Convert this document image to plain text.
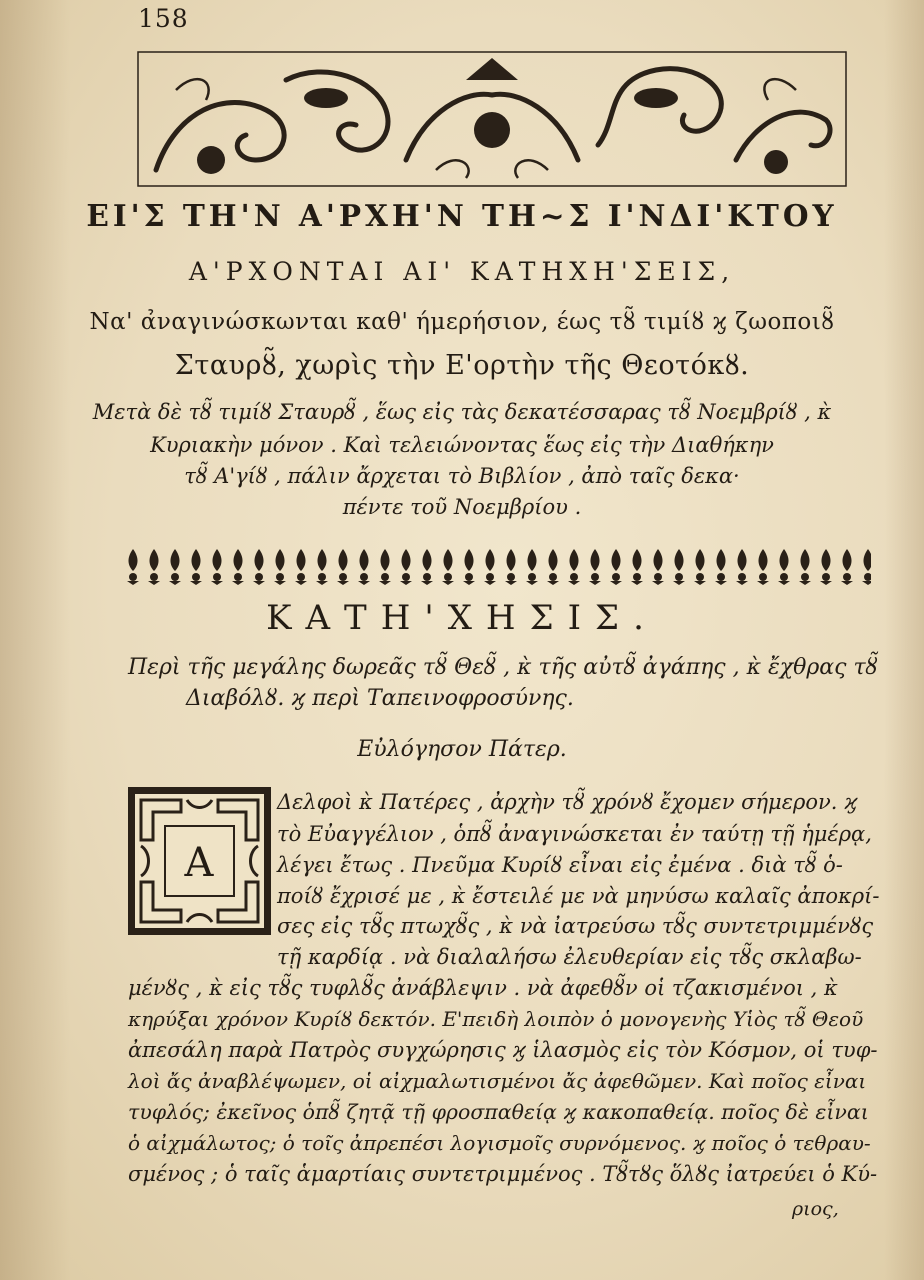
158
ΕΙ'Σ ΤΗ'Ν Α'ΡΧΗ'Ν ΤΗ~Σ Ι'ΝΔΙ'ΚΤΟΥ
Α'ΡΧΟΝΤΑΙ ΑΙ' ΚΑΤΗΧΗ'ΣΕΙΣ,
Να' α̉ναγινώσκωνται καθ' ήμερήσιον, έως τȣ̃ τιμίȣ ϗ ζωοποιȣ̃
Σταυρȣ̃, χωρὶς τὴν Ε'ορτὴν τῆς Θεοτόκȣ.
Μετὰ δὲ τȣ̃ τιμίȣ Σταυρȣ̃ , ἕως εἰς τὰς δεκατέσσαρας τȣ̃ Νοεμβρίȣ , κ̀
Κυριακὴν μόνον . Καὶ τελειώνοντας ἕως εἰς τὴν Διαθήκην
τȣ̃ Α'γίȣ , πάλιν ἄρχεται τὸ Βιβλίον , ἀπὸ ταῖς δεκα·
πέντε τοῦ Νοεμβρίου .
ΚΑΤΗ'ΧΗΣΙΣ.
Περὶ τῆς μεγάλης δωρεᾶς τȣ̃ Θεȣ̃ , κ̀ τῆς αὐτȣ̃ ἀγάπης , κ̀ ἔχθρας τȣ̃
Διαβόλȣ. ϗ περὶ Ταπεινοφροσύνης.
Εὐλόγησον Πάτερ.
Α
Δελφοὶ κ̀ Πατέρες , ἀρχὴν τȣ̃ χρόνȣ ἔχομεν σήμερον. ϗ
τὸ Εὐαγγέλιον , ὁπȣ̃ ἀναγινώσκεται ἐν ταύτῃ τῇ ἡμέρᾳ,
λέγει ἔτως . Πνεῦμα Κυρίȣ εἶναι εἰς ἐμένα . διὰ τȣ̃ ὁ-
ποίȣ ἔχρισέ με , κ̀ ἔστειλέ με νὰ μηνύσω καλαῖς ἀποκρί-
σες εἰς τȣ̃ς πτωχȣ̃ς , κ̀ νὰ ἰατρεύσω τȣ̃ς συντετριμμένȣς
τῇ καρδίᾳ . νὰ διαλαλήσω ἐλευθερίαν εἰς τȣ̃ς σκλαβω-
μένȣς , κ̀ εἰς τȣ̃ς τυφλȣ̃ς ἀνάβλεψιν . νὰ ἀφεθȣ̃ν οἱ τζακισμένοι , κ̀
κηρύξαι χρόνον Κυρίȣ δεκτόν. Ε'πειδὴ λοιπὸν ὁ μονογενὴς Υἱὸς τȣ̃ Θεοῦ
ἀπεσάλη παρὰ Πατρὸς συγχώρησις ϗ ἱλασμὸς εἰς τὸν Κόσμον, οἱ τυφ-
λοὶ ἄς ἀναβλέψωμεν, οἱ αἰχμαλωτισμένοι ἄς ἀφεθῶμεν. Καὶ ποῖος εἶναι
τυφλός; ἐκεῖνος ὁπȣ̃ ζητᾷ τῇ φροσπαθείᾳ ϗ κακοπαθείᾳ. ποῖος δὲ εἶναι
ὁ αἰχμάλωτος; ὁ τοῖς ἀπρεπέσι λογισμοῖς συρνόμενος. ϗ ποῖος ὁ τεθραυ-
σμένος ; ὁ ταῖς ἁμαρτίαις συντετριμμένος . Τȣ̃τȣς ὅλȣς ἰατρεύει ὁ Κύ-
ριος,
